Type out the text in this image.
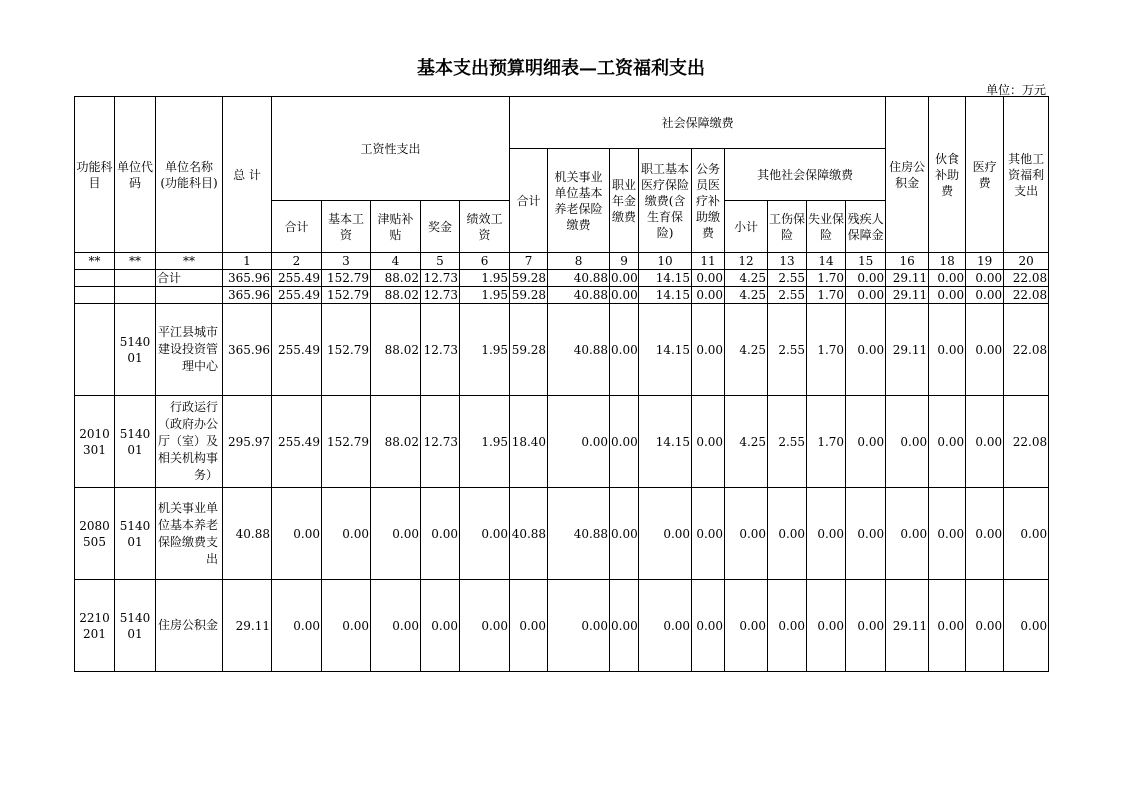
基本支出预算明细表—工资福利支出
单位：万元
功能科目	单位代码	单位名称(功能科目)	总 计	工资性支出					社会保障缴费									住房公积金	伙食补助费	医疗费	其他工资福利支出
									合计	机关事业单位基本养老保险缴费	职业年金缴费	职工基本医疗保险缴费(含生育保险)	公务员医疗补助缴费	其他社会保障缴费							
				合计	基本工资	津贴补贴	奖金	绩效工资						小计	工伤保险	失业保险	残疾人保障金				
**	**	**	1	2	3	4	5	6	7	8	9	10	11	12	13	14	15	16	18	19	20
		合计	365.96	255.49	152.79	88.02	12.73	1.95	59.28	40.88	0.00	14.15	0.00	4.25	2.55	1.70	0.00	29.11	0.00	0.00	22.08
			365.96	255.49	152.79	88.02	12.73	1.95	59.28	40.88	0.00	14.15	0.00	4.25	2.55	1.70	0.00	29.11	0.00	0.00	22.08
	514001	平江县城市建设投资管理中心	365.96	255.49	152.79	88.02	12.73	1.95	59.28	40.88	0.00	14.15	0.00	4.25	2.55	1.70	0.00	29.11	0.00	0.00	22.08
2010301	514001	行政运行（政府办公厅（室）及相关机构事务）	295.97	255.49	152.79	88.02	12.73	1.95	18.40	0.00	0.00	14.15	0.00	4.25	2.55	1.70	0.00	0.00	0.00	0.00	22.08
2080505	514001	机关事业单位基本养老保险缴费支出	40.88	0.00	0.00	0.00	0.00	0.00	40.88	40.88	0.00	0.00	0.00	0.00	0.00	0.00	0.00	0.00	0.00	0.00	0.00
2210201	514001	住房公积金	29.11	0.00	0.00	0.00	0.00	0.00	0.00	0.00	0.00	0.00	0.00	0.00	0.00	0.00	0.00	29.11	0.00	0.00	0.00
